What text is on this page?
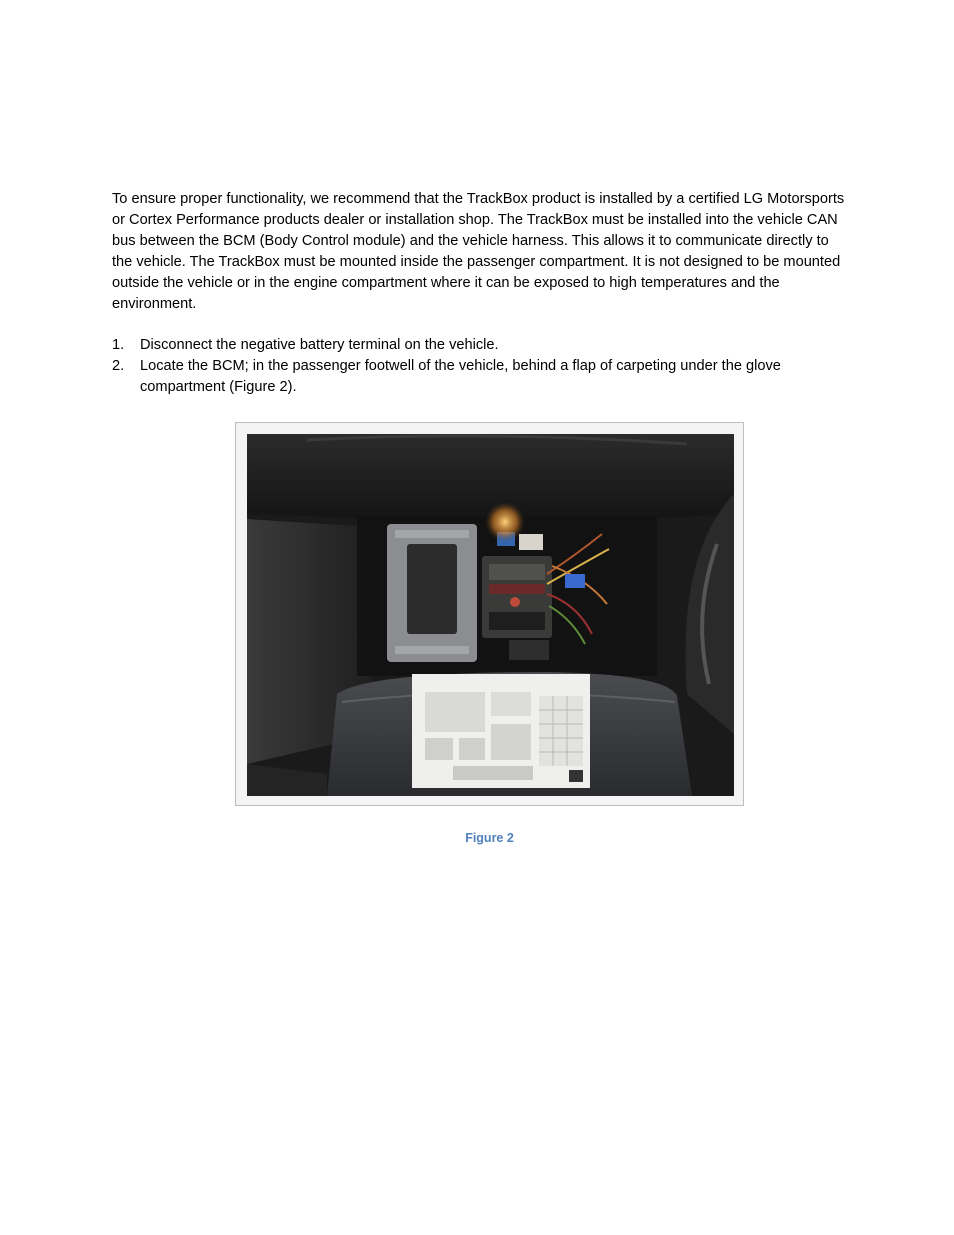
To ensure proper functionality, we recommend that the TrackBox product is installed by a certified LG Motorsports or Cortex Performance products dealer or installation shop. The TrackBox must be installed into the vehicle CAN bus between the BCM (Body Control module) and the vehicle harness. This allows it to communicate directly to the vehicle. The TrackBox must be mounted inside the passenger compartment. It is not designed to be mounted outside the vehicle or in the engine compartment where it can be exposed to high temperatures and the environment.

1. Disconnect the negative battery terminal on the vehicle.
2. Locate the BCM; in the passenger footwell of the vehicle, behind a flap of carpeting under the glove compartment (Figure 2).

Figure 2
